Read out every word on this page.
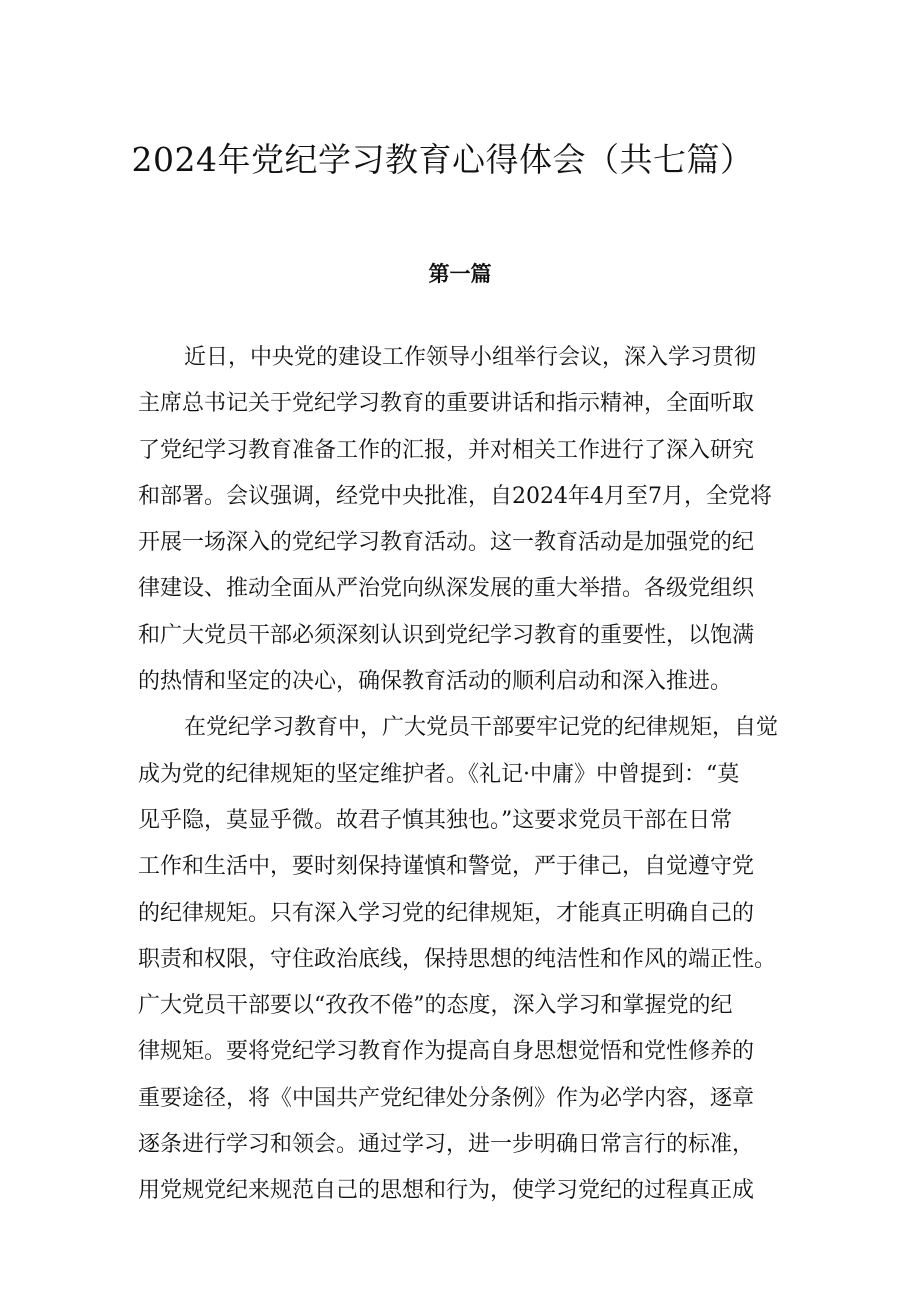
2024年党纪学习教育心得体会（共七篇）
第一篇
近日，中央党的建设工作领导小组举行会议，深入学习贯彻
主席总书记关于党纪学习教育的重要讲话和指示精神，全面听取
了党纪学习教育准备工作的汇报，并对相关工作进行了深入研究
和部署。会议强调，经党中央批准，自2024年4月至7月，全党将
开展一场深入的党纪学习教育活动。这一教育活动是加强党的纪
律建设、推动全面从严治党向纵深发展的重大举措。各级党组织
和广大党员干部必须深刻认识到党纪学习教育的重要性，以饱满
的热情和坚定的决心，确保教育活动的顺利启动和深入推进。
在党纪学习教育中，广大党员干部要牢记党的纪律规矩，自觉
成为党的纪律规矩的坚定维护者。《礼记·中庸》中曾提到：“莫
见乎隐，莫显乎微。故君子慎其独也。”这要求党员干部在日常
工作和生活中，要时刻保持谨慎和警觉，严于律己，自觉遵守党
的纪律规矩。只有深入学习党的纪律规矩，才能真正明确自己的
职责和权限，守住政治底线，保持思想的纯洁性和作风的端正性。
广大党员干部要以“孜孜不倦”的态度，深入学习和掌握党的纪
律规矩。要将党纪学习教育作为提高自身思想觉悟和党性修养的
重要途径，将《中国共产党纪律处分条例》作为必学内容，逐章
逐条进行学习和领会。通过学习，进一步明确日常言行的标准，
用党规党纪来规范自己的思想和行为，使学习党纪的过程真正成
